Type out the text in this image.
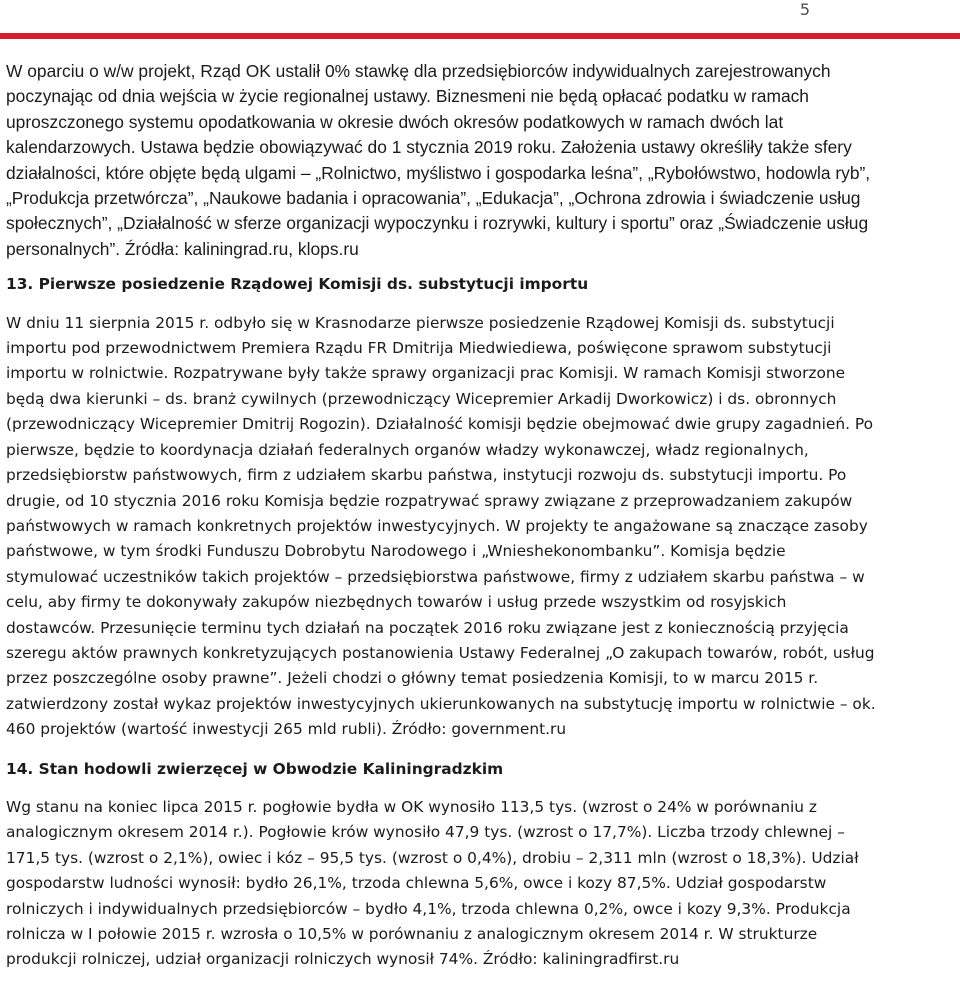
5

W oparciu o w/w projekt, Rząd OK ustalił 0% stawkę dla przedsiębiorców indywidualnych zarejestrowanych
poczynając od dnia wejścia w życie regionalnej ustawy. Biznesmeni nie będą opłacać podatku w ramach
uproszczonego systemu opodatkowania w okresie dwóch okresów podatkowych w ramach dwóch lat
kalendarzowych. Ustawa będzie obowiązywać do 1 stycznia 2019 roku. Założenia ustawy określiły także sfery
działalności, które objęte będą ulgami – „Rolnictwo, myślistwo i gospodarka leśna”, „Rybołówstwo, hodowla ryb”,
„Produkcja przetwórcza”, „Naukowe badania i opracowania”, „Edukacja”, „Ochrona zdrowia i świadczenie usług
społecznych”, „Działalność w sferze organizacji wypoczynku i rozrywki, kultury i sportu” oraz „Świadczenie usług
personalnych”. Źródła: kaliningrad.ru, klops.ru

13. Pierwsze posiedzenie Rządowej Komisji ds. substytucji importu

W dniu 11 sierpnia 2015 r. odbyło się w Krasnodarze pierwsze posiedzenie Rządowej Komisji ds. substytucji
importu pod przewodnictwem Premiera Rządu FR Dmitrija Miedwiediewa, poświęcone sprawom substytucji
importu w rolnictwie. Rozpatrywane były także sprawy organizacji prac Komisji. W ramach Komisji stworzone
będą dwa kierunki – ds. branż cywilnych (przewodniczący Wicepremier Arkadij Dworkowicz) i ds. obronnych
(przewodniczący Wicepremier Dmitrij Rogozin). Działalność komisji będzie obejmować dwie grupy zagadnień. Po
pierwsze, będzie to koordynacja działań federalnych organów władzy wykonawczej, władz regionalnych,
przedsiębiorstw państwowych, firm z udziałem skarbu państwa, instytucji rozwoju ds. substytucji importu. Po
drugie, od 10 stycznia 2016 roku Komisja będzie rozpatrywać sprawy związane z przeprowadzaniem zakupów
państwowych w ramach konkretnych projektów inwestycyjnych. W projekty te angażowane są znaczące zasoby
państwowe, w tym środki Funduszu Dobrobytu Narodowego i „Wnieshekonombanku”. Komisja będzie
stymulować uczestników takich projektów – przedsiębiorstwa państwowe, firmy z udziałem skarbu państwa – w
celu, aby firmy te dokonywały zakupów niezbędnych towarów i usług przede wszystkim od rosyjskich
dostawców. Przesunięcie terminu tych działań na początek 2016 roku związane jest z koniecznością przyjęcia
szeregu aktów prawnych konkretyzujących postanowienia Ustawy Federalnej „O zakupach towarów, robót, usług
przez poszczególne osoby prawne”. Jeżeli chodzi o główny temat posiedzenia Komisji, to w marcu 2015 r.
zatwierdzony został wykaz projektów inwestycyjnych ukierunkowanych na substytucję importu w rolnictwie – ok.
460 projektów (wartość inwestycji 265 mld rubli). Źródło: government.ru

14. Stan hodowli zwierzęcej w Obwodzie Kaliningradzkim

Wg stanu na koniec lipca 2015 r. pogłowie bydła w OK wynosiło 113,5 tys. (wzrost o 24% w porównaniu z
analogicznym okresem 2014 r.). Pogłowie krów wynosiło 47,9 tys. (wzrost o 17,7%). Liczba trzody chlewnej –
171,5 tys. (wzrost o 2,1%), owiec i kóz – 95,5 tys. (wzrost o 0,4%), drobiu – 2,311 mln (wzrost o 18,3%). Udział
gospodarstw ludności wynosił: bydło 26,1%, trzoda chlewna 5,6%, owce i kozy 87,5%. Udział gospodarstw
rolniczych i indywidualnych przedsiębiorców – bydło 4,1%, trzoda chlewna 0,2%, owce i kozy 9,3%. Produkcja
rolnicza w I połowie 2015 r. wzrosła o 10,5% w porównaniu z analogicznym okresem 2014 r. W strukturze
produkcji rolniczej, udział organizacji rolniczych wynosił 74%. Źródło: kaliningradfirst.ru
